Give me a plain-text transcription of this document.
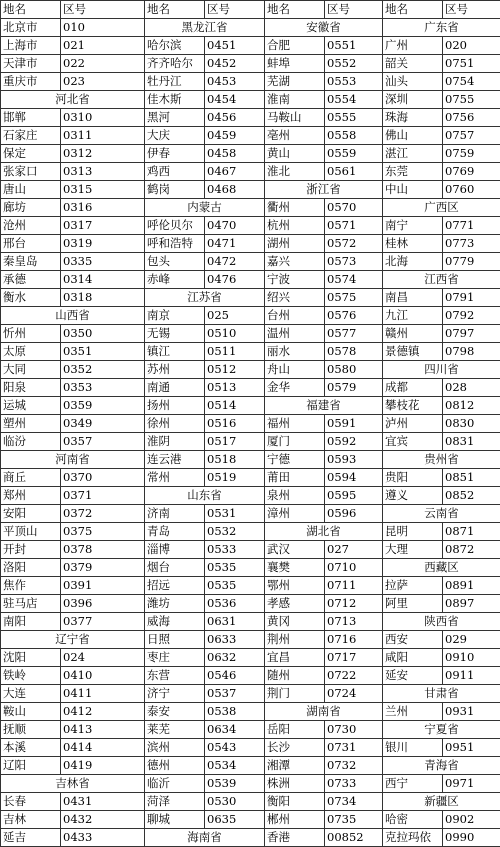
地名	区号	地名	区号	地名	区号	地名	区号
北京市	010	黑龙江省		安徽省		广东省	
上海市	021	哈尔滨	0451	合肥	0551	广州	020
天津市	022	齐齐哈尔	0452	蚌埠	0552	韶关	0751
重庆市	023	牡丹江	0453	芜湖	0553	汕头	0754
河北省		佳木斯	0454	淮南	0554	深圳	0755
邯郸	0310	黑河	0456	马鞍山	0555	珠海	0756
石家庄	0311	大庆	0459	亳州	0558	佛山	0757
保定	0312	伊春	0458	黄山	0559	湛江	0759
张家口	0313	鸡西	0467	淮北	0561	东莞	0769
唐山	0315	鹤岗	0468	浙江省		中山	0760
廊坊	0316	内蒙古		衢州	0570	广西区	
沧州	0317	呼伦贝尔	0470	杭州	0571	南宁	0771
邢台	0319	呼和浩特	0471	湖州	0572	桂林	0773
秦皇岛	0335	包头	0472	嘉兴	0573	北海	0779
承德	0314	赤峰	0476	宁波	0574	江西省	
衡水	0318	江苏省		绍兴	0575	南昌	0791
山西省		南京	025	台州	0576	九江	0792
忻州	0350	无锡	0510	温州	0577	赣州	0797
太原	0351	镇江	0511	丽水	0578	景德镇	0798
大同	0352	苏州	0512	舟山	0580	四川省	
阳泉	0353	南通	0513	金华	0579	成都	028
运城	0359	扬州	0514	福建省		攀枝花	0812
塑州	0349	徐州	0516	福州	0591	泸州	0830
临汾	0357	淮阴	0517	厦门	0592	宜宾	0831
河南省		连云港	0518	宁德	0593	贵州省	
商丘	0370	常州	0519	莆田	0594	贵阳	0851
郑州	0371	山东省		泉州	0595	遵义	0852
安阳	0372	济南	0531	漳州	0596	云南省	
平顶山	0375	青岛	0532	湖北省		昆明	0871
开封	0378	淄博	0533	武汉	027	大理	0872
洛阳	0379	烟台	0535	襄樊	0710	西藏区	
焦作	0391	招远	0535	鄂州	0711	拉萨	0891
驻马店	0396	潍坊	0536	孝感	0712	阿里	0897
南阳	0377	威海	0631	黄冈	0713	陕西省	
辽宁省		日照	0633	荆州	0716	西安	029
沈阳	024	枣庄	0632	宜昌	0717	咸阳	0910
铁岭	0410	东营	0546	随州	0722	延安	0911
大连	0411	济宁	0537	荆门	0724	甘肃省	
鞍山	0412	泰安	0538	湖南省		兰州	0931
抚顺	0413	莱芜	0634	岳阳	0730	宁夏省	
本溪	0414	滨州	0543	长沙	0731	银川	0951
辽阳	0419	德州	0534	湘潭	0732	青海省	
吉林省		临沂	0539	株洲	0733	西宁	0971
长春	0431	菏泽	0530	衡阳	0734	新疆区	
吉林	0432	聊城	0635	郴州	0735	哈密	0902
延吉	0433	海南省		香港	00852	克拉玛依	0990
